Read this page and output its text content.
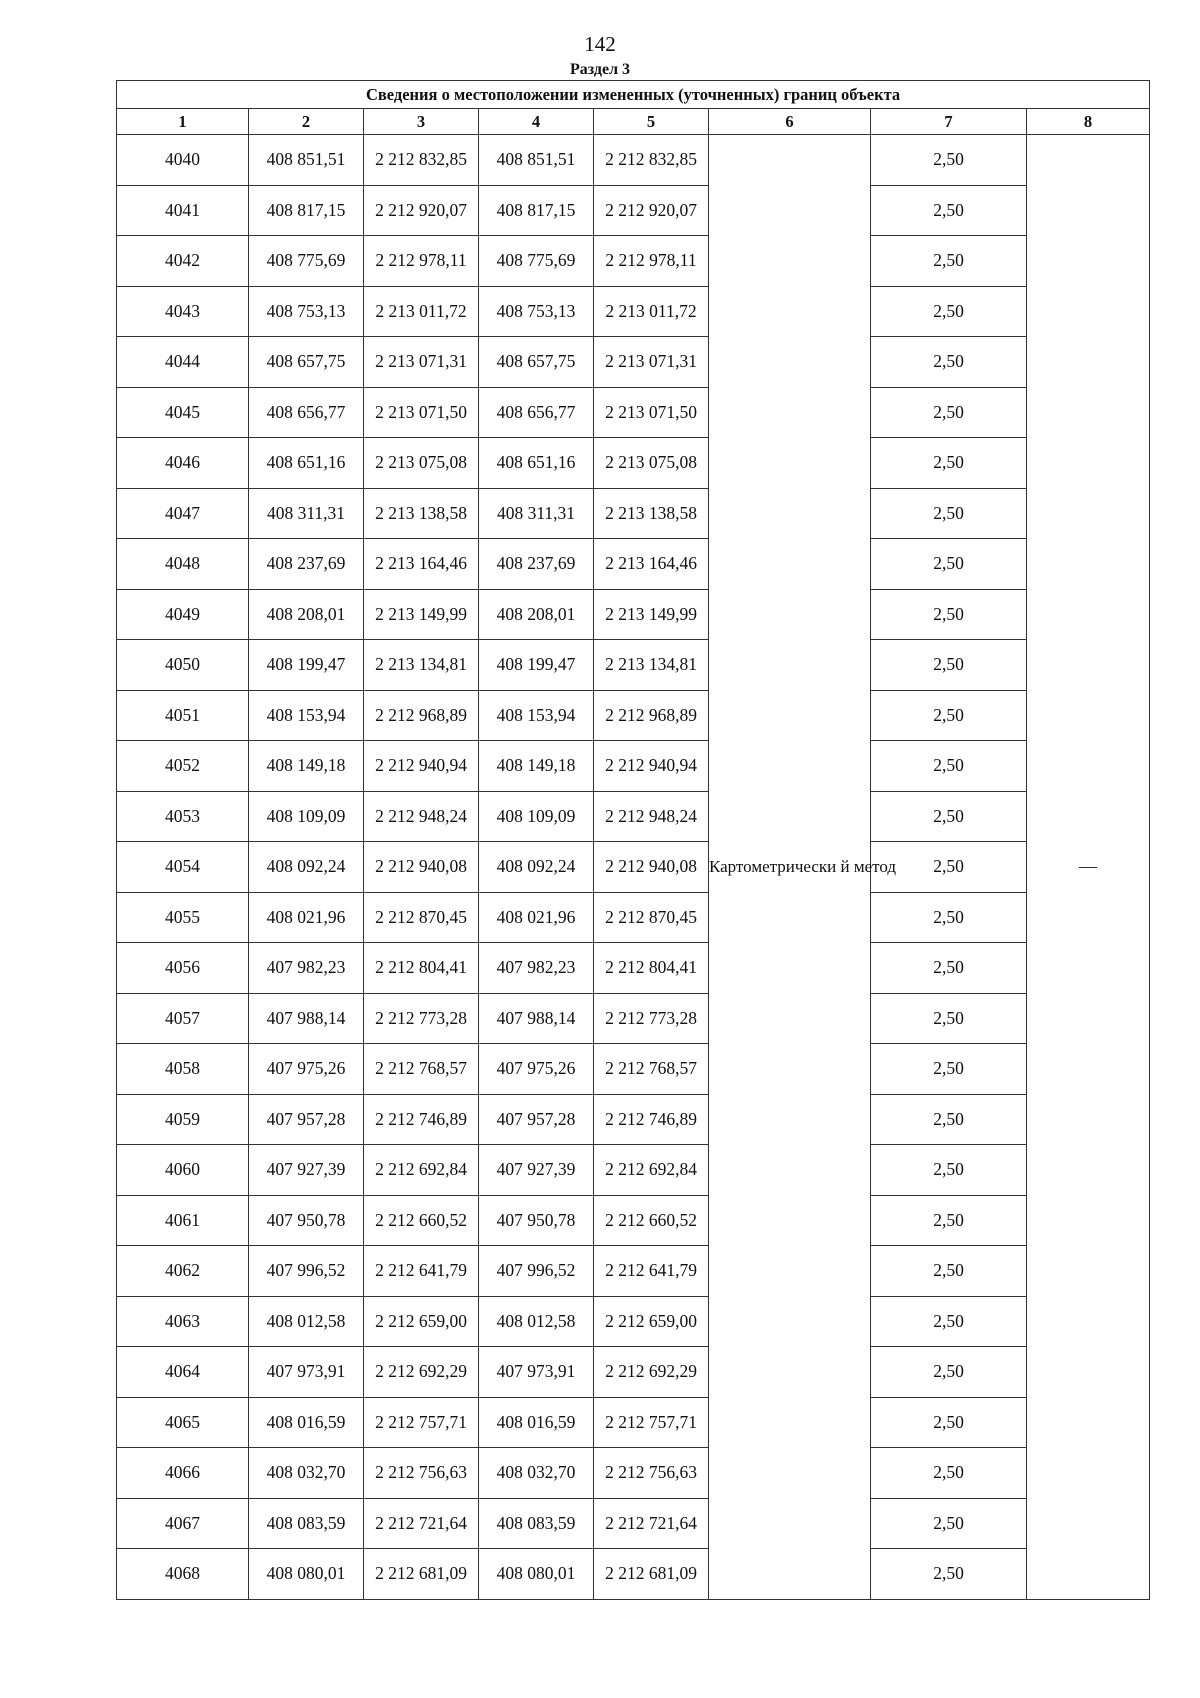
142
Раздел 3
Сведения о местоположении измененных (уточненных) границ объекта							
1	2	3	4	5	6	7	8
4040	408 851,51	2 212 832,85	408 851,51	2 212 832,85	Картометрически й метод	2,50	—
4041	408 817,15	2 212 920,07	408 817,15	2 212 920,07		2,50	
4042	408 775,69	2 212 978,11	408 775,69	2 212 978,11		2,50	
4043	408 753,13	2 213 011,72	408 753,13	2 213 011,72		2,50	
4044	408 657,75	2 213 071,31	408 657,75	2 213 071,31		2,50	
4045	408 656,77	2 213 071,50	408 656,77	2 213 071,50		2,50	
4046	408 651,16	2 213 075,08	408 651,16	2 213 075,08		2,50	
4047	408 311,31	2 213 138,58	408 311,31	2 213 138,58		2,50	
4048	408 237,69	2 213 164,46	408 237,69	2 213 164,46		2,50	
4049	408 208,01	2 213 149,99	408 208,01	2 213 149,99		2,50	
4050	408 199,47	2 213 134,81	408 199,47	2 213 134,81		2,50	
4051	408 153,94	2 212 968,89	408 153,94	2 212 968,89		2,50	
4052	408 149,18	2 212 940,94	408 149,18	2 212 940,94		2,50	
4053	408 109,09	2 212 948,24	408 109,09	2 212 948,24		2,50	
4054	408 092,24	2 212 940,08	408 092,24	2 212 940,08		2,50	
4055	408 021,96	2 212 870,45	408 021,96	2 212 870,45		2,50	
4056	407 982,23	2 212 804,41	407 982,23	2 212 804,41		2,50	
4057	407 988,14	2 212 773,28	407 988,14	2 212 773,28		2,50	
4058	407 975,26	2 212 768,57	407 975,26	2 212 768,57		2,50	
4059	407 957,28	2 212 746,89	407 957,28	2 212 746,89		2,50	
4060	407 927,39	2 212 692,84	407 927,39	2 212 692,84		2,50	
4061	407 950,78	2 212 660,52	407 950,78	2 212 660,52		2,50	
4062	407 996,52	2 212 641,79	407 996,52	2 212 641,79		2,50	
4063	408 012,58	2 212 659,00	408 012,58	2 212 659,00		2,50	
4064	407 973,91	2 212 692,29	407 973,91	2 212 692,29		2,50	
4065	408 016,59	2 212 757,71	408 016,59	2 212 757,71		2,50	
4066	408 032,70	2 212 756,63	408 032,70	2 212 756,63		2,50	
4067	408 083,59	2 212 721,64	408 083,59	2 212 721,64		2,50	
4068	408 080,01	2 212 681,09	408 080,01	2 212 681,09		2,50	
